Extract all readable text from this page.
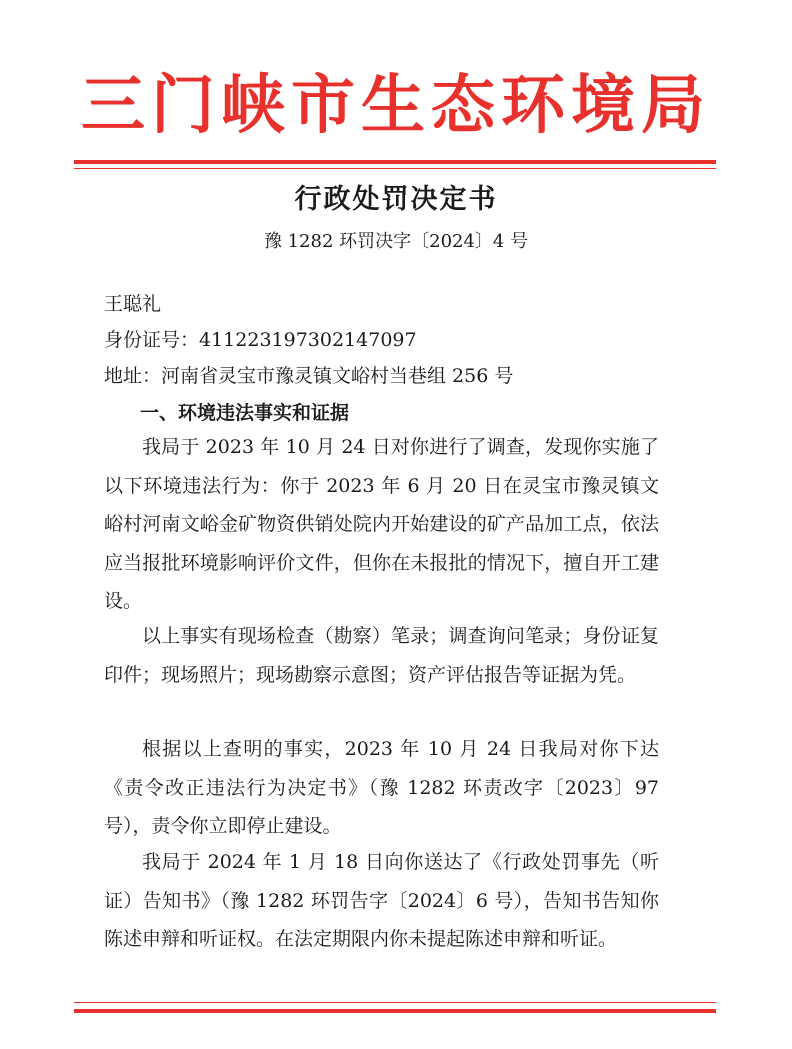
三门峡市生态环境局
行政处罚决定书
豫 1282 环罚决字〔2024〕4 号
王聪礼
身份证号：411223197302147097
地址：河南省灵宝市豫灵镇文峪村当巷组 256 号
一、环境违法事实和证据

我局于 2023 年 10 月 24 日对你进行了调查，发现你实施了以下环境违法行为：你于 2023 年 6 月 20 日在灵宝市豫灵镇文峪村河南文峪金矿物资供销处院内开始建设的矿产品加工点，依法应当报批环境影响评价文件，但你在未报批的情况下，擅自开工建设。

以上事实有现场检查（勘察）笔录；调查询问笔录；身份证复印件；现场照片；现场勘察示意图；资产评估报告等证据为凭。

根据以上查明的事实，2023 年 10 月 24 日我局对你下达《责令改正违法行为决定书》（豫 1282 环责改字〔2023〕97 号），责令你立即停止建设。

我局于 2024 年 1 月 18 日向你送达了《行政处罚事先（听证）告知书》（豫 1282 环罚告字〔2024〕6 号），告知书告知你陈述申辩和听证权。在法定期限内你未提起陈述申辩和听证。
